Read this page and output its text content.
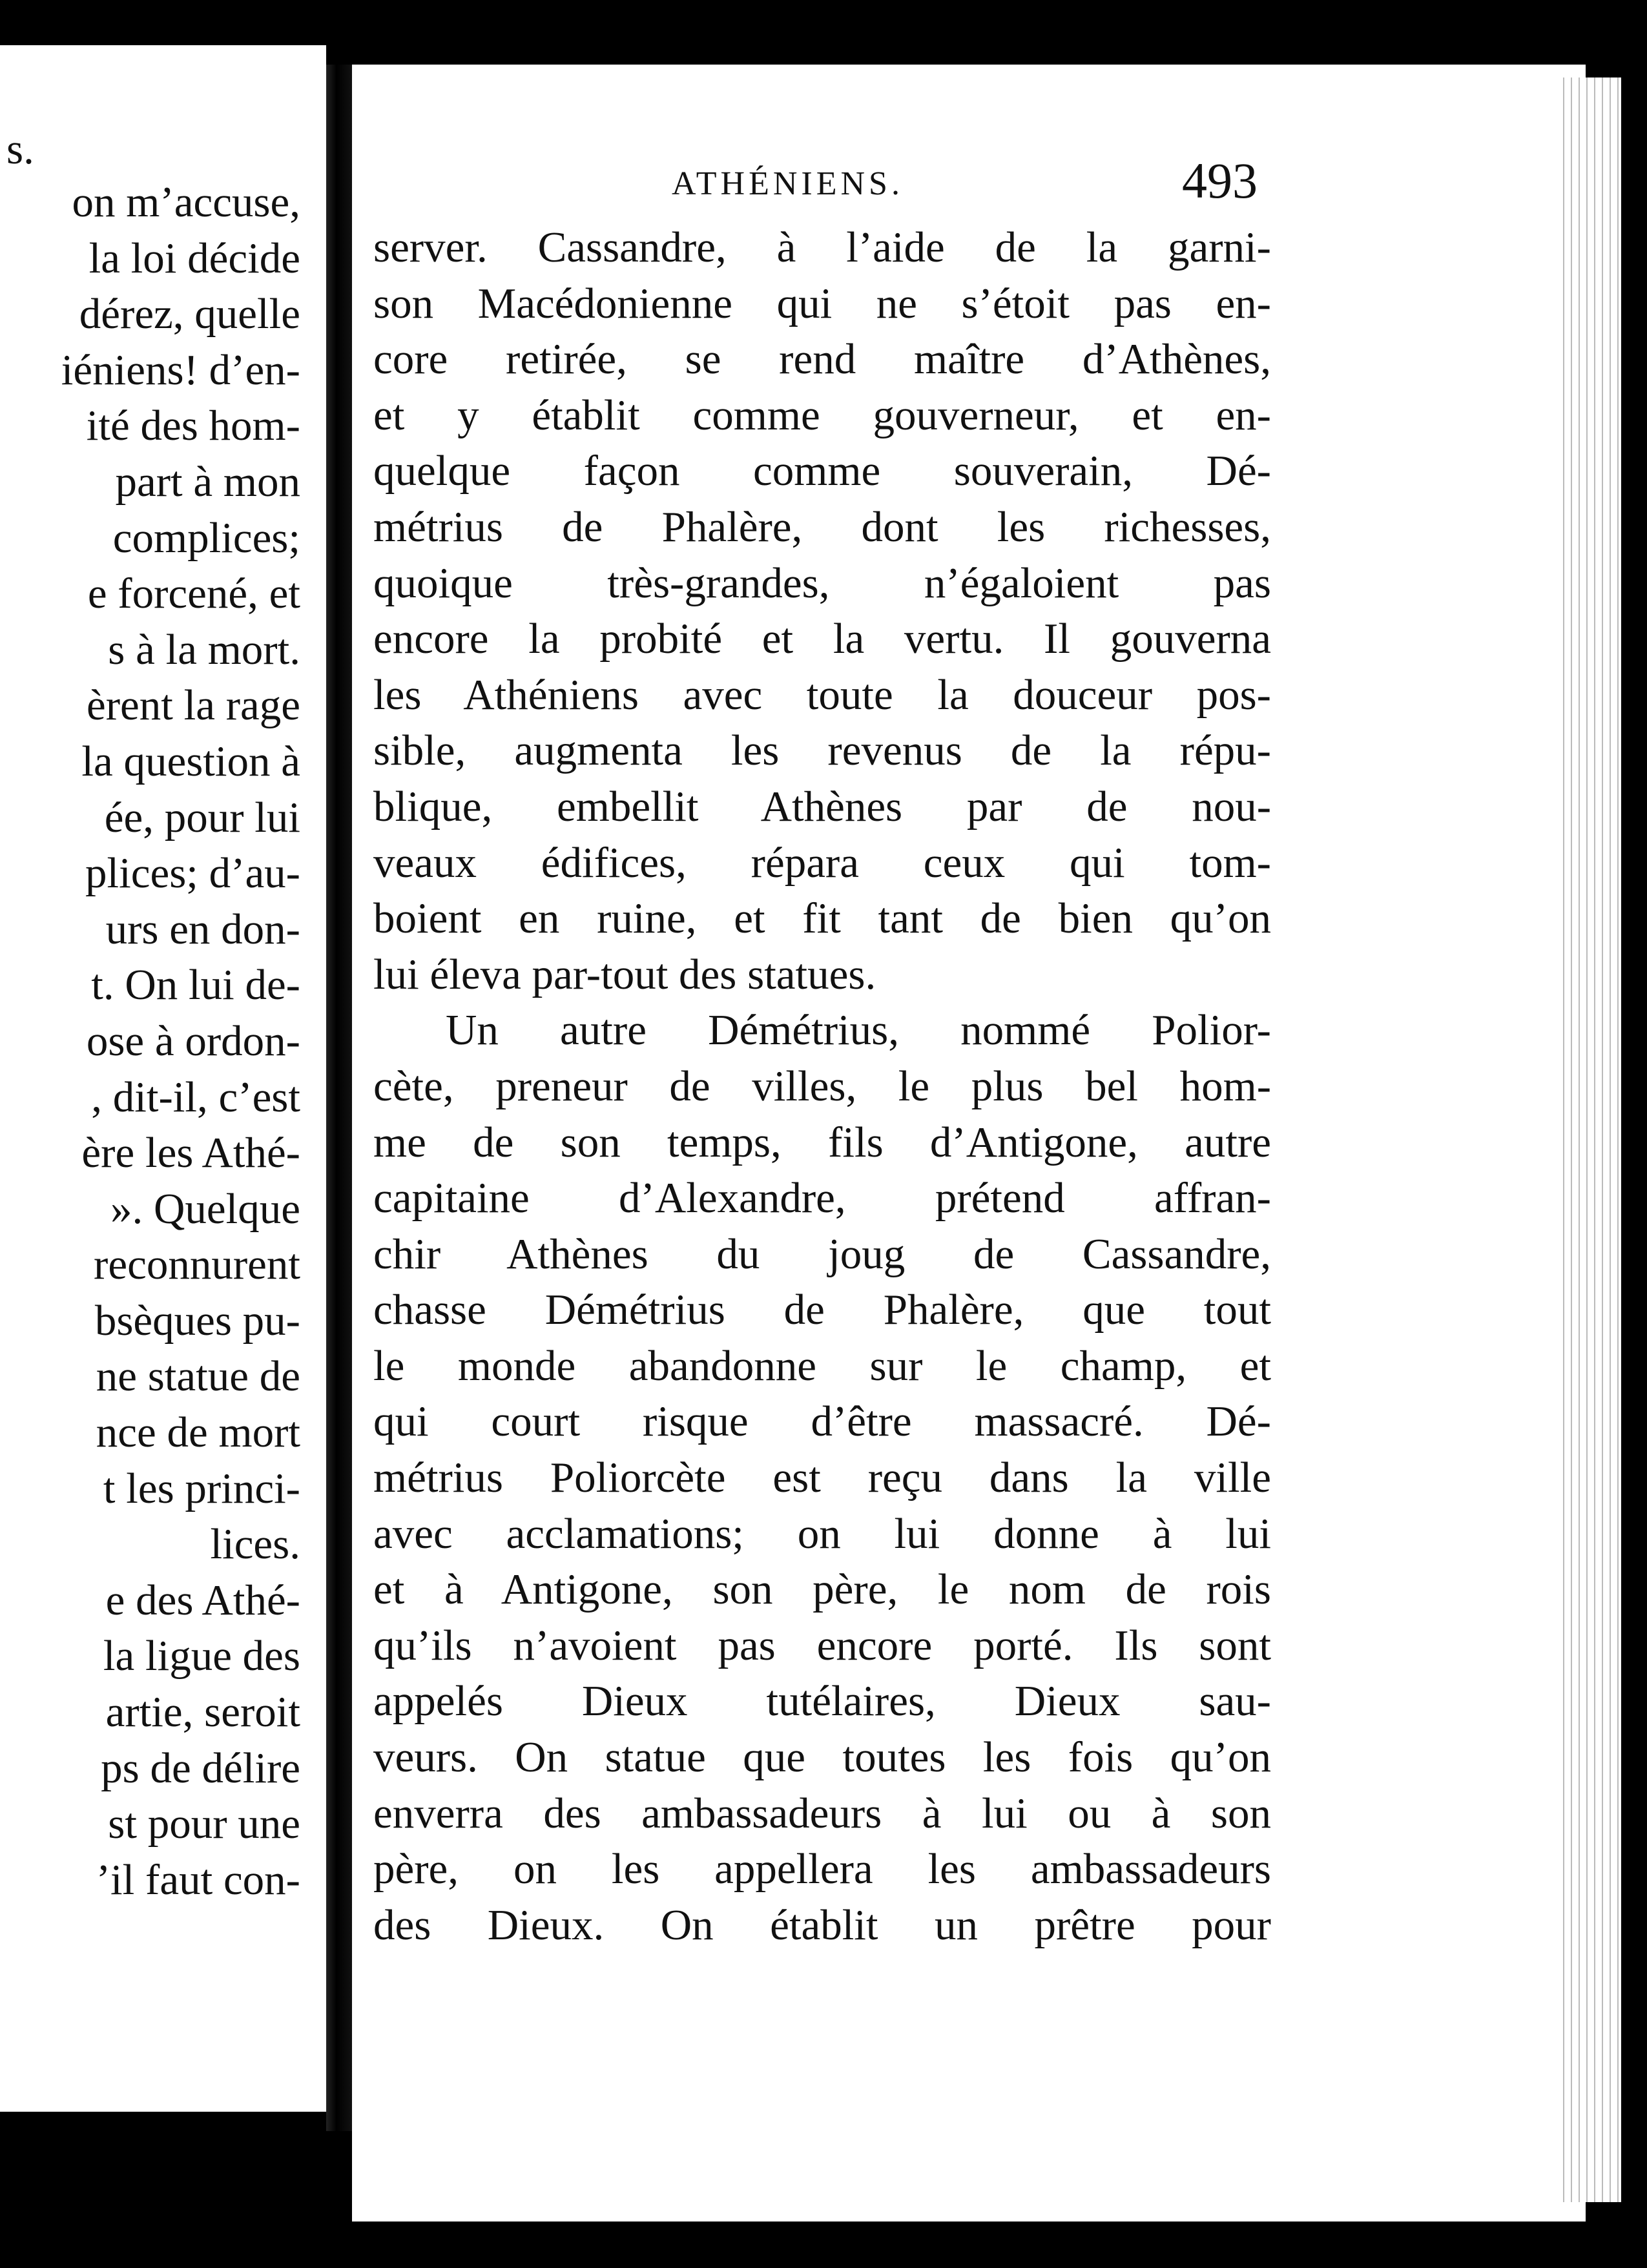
on m’accuse,
la loi décide
dérez, quelle
iéniens! d’en-
ité des hom-
part à mon
complices;
e forcené, et
s à la mort.
èrent la rage
la question à
ée, pour lui
plices; d’au-
urs en don-
t. On lui de-
ose à ordon-
, dit-il, c’est
ère les Athé-
». Quelque
reconnurent
bsèques pu-
ne statue de
nce de mort
t les princi-
lices.
e des Athé-
la ligue des
artie, seroit
ps de délire
st pour une
’il faut con-
s.
ATHÉNIENS.	493
server. Cassandre, à l’aide de la garni-
son Macédonienne qui ne s’étoit pas en-
core retirée, se rend maître d’Athènes,
et y établit comme gouverneur, et en-
quelque façon comme souverain, Dé-
métrius de Phalère, dont les richesses,
quoique très-grandes, n’égaloient pas
encore la probité et la vertu. Il gouverna
les Athéniens avec toute la douceur pos-
sible, augmenta les revenus de la répu-
blique, embellit Athènes par de nou-
veaux édifices, répara ceux qui tom-
boient en ruine, et fit tant de bien qu’on
lui éleva par-tout des statues.
Un autre Démétrius, nommé Polior-
cète, preneur de villes, le plus bel hom-
me de son temps, fils d’Antigone, autre
capitaine d’Alexandre, prétend affran-
chir Athènes du joug de Cassandre,
chasse Démétrius de Phalère, que tout
le monde abandonne sur le champ, et
qui court risque d’être massacré. Dé-
métrius Poliorcète est reçu dans la ville
avec acclamations; on lui donne à lui
et à Antigone, son père, le nom de rois
qu’ils n’avoient pas encore porté. Ils sont
appelés Dieux tutélaires, Dieux sau-
veurs. On statue que toutes les fois qu’on
enverra des ambassadeurs à lui ou à son
père, on les appellera les ambassadeurs
des Dieux. On établit un prêtre pour
